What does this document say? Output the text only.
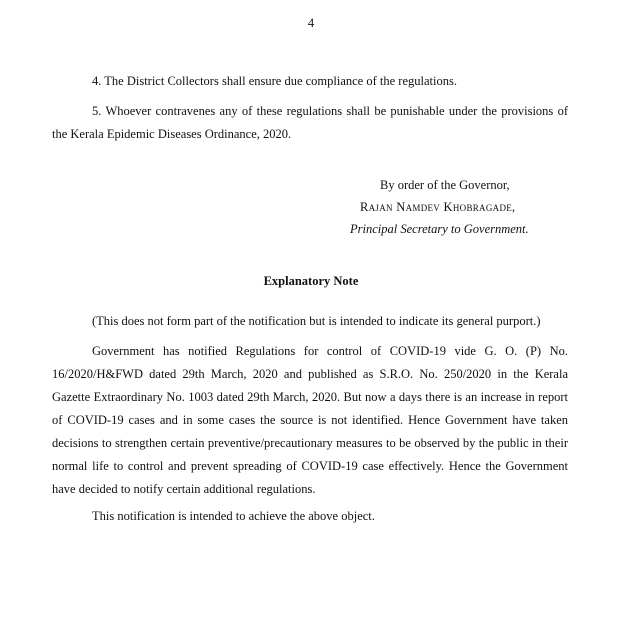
4
4. The District Collectors shall ensure due compliance of the regulations.
5. Whoever contravenes any of these regulations shall be punishable under the provisions of the Kerala Epidemic Diseases Ordinance, 2020.
By order of the Governor,
Rajan Namdev Khobragade,
Principal Secretary to Government.
Explanatory Note
(This does not form part of the notification but is intended to indicate its general purport.)
Government has notified Regulations for control of COVID-19 vide G. O. (P) No. 16/2020/H&FWD dated 29th March, 2020 and published as S.R.O. No. 250/2020 in the Kerala Gazette Extraordinary No. 1003 dated 29th March, 2020. But now a days there is an increase in report of COVID-19 cases and in some cases the source is not identified. Hence Government have taken decisions to strengthen certain preventive/precautionary measures to be observed by the public in their normal life to control and prevent spreading of COVID-19 case effectively. Hence the Government have decided to notify certain additional regulations.
This notification is intended to achieve the above object.
